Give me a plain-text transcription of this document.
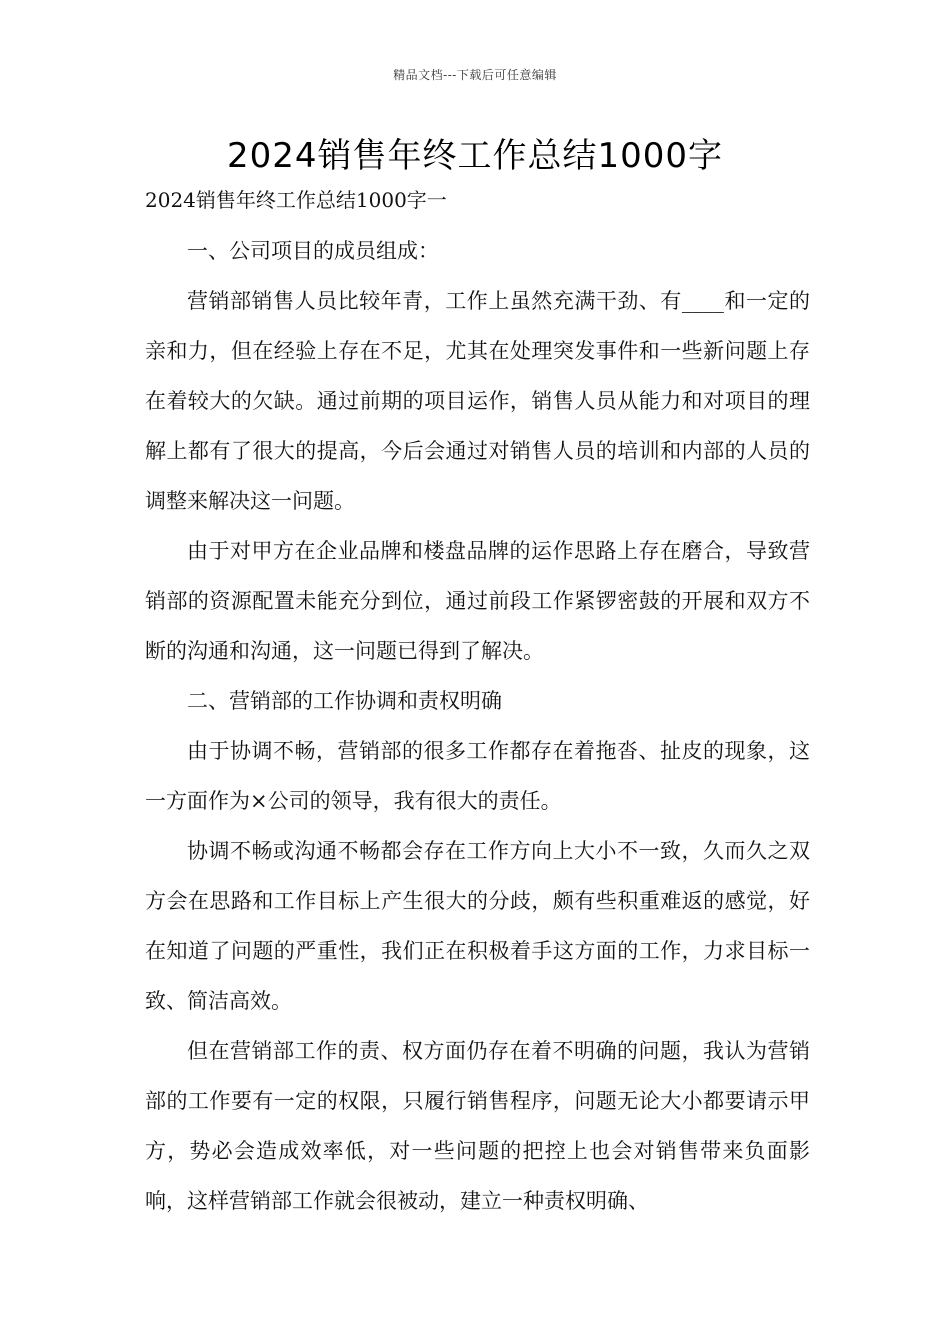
精品文档---下载后可任意编辑
2024销售年终工作总结1000字

2024销售年终工作总结1000字一

一、公司项目的成员组成：

营销部销售人员比较年青，工作上虽然充满干劲、有____和一定的亲和力，但在经验上存在不足，尤其在处理突发事件和一些新问题上存在着较大的欠缺。通过前期的项目运作，销售人员从能力和对项目的理解上都有了很大的提高，今后会通过对销售人员的培训和内部的人员的调整来解决这一问题。

由于对甲方在企业品牌和楼盘品牌的运作思路上存在磨合，导致营销部的资源配置未能充分到位，通过前段工作紧锣密鼓的开展和双方不断的沟通和沟通，这一问题已得到了解决。

二、营销部的工作协调和责权明确

由于协调不畅，营销部的很多工作都存在着拖沓、扯皮的现象，这一方面作为×公司的领导，我有很大的责任。

协调不畅或沟通不畅都会存在工作方向上大小不一致，久而久之双方会在思路和工作目标上产生很大的分歧，颇有些积重难返的感觉，好在知道了问题的严重性，我们正在积极着手这方面的工作，力求目标一致、简洁高效。

但在营销部工作的责、权方面仍存在着不明确的问题，我认为营销部的工作要有一定的权限，只履行销售程序，问题无论大小都要请示甲方，势必会造成效率低，对一些问题的把控上也会对销售带来负面影响，这样营销部工作就会很被动，建立一种责权明确、
